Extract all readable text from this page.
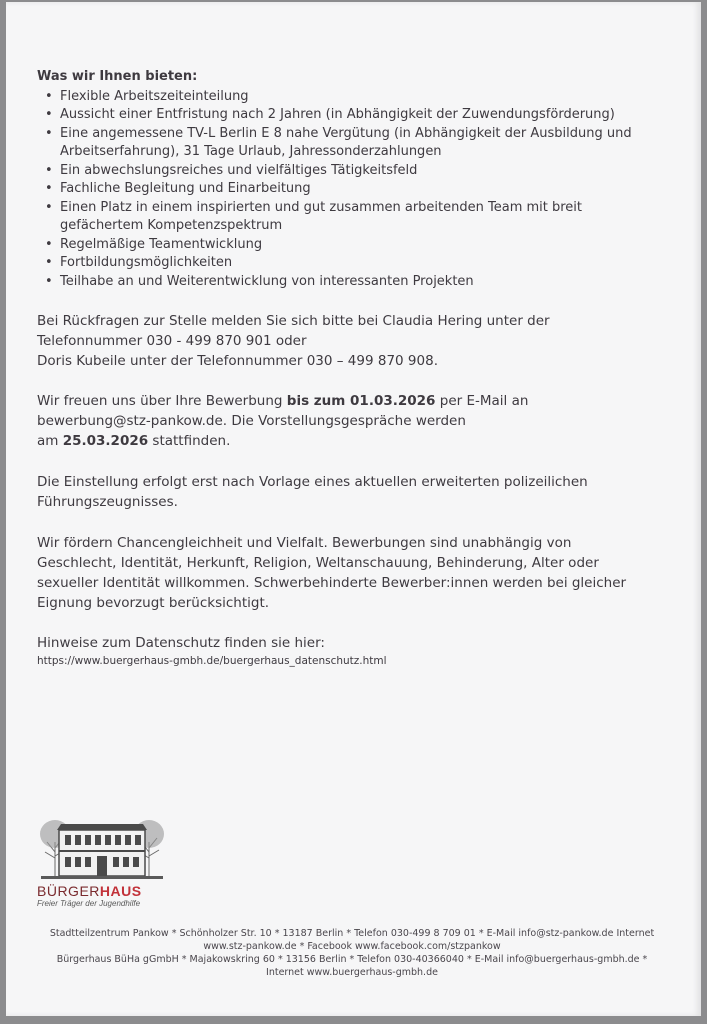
Was wir Ihnen bieten:

• Flexible Arbeitszeiteinteilung
• Aussicht einer Entfristung nach 2 Jahren (in Abhängigkeit der Zuwendungsförderung)
• Eine angemessene TV-L Berlin E 8 nahe Vergütung (in Abhängigkeit der Ausbildung und Arbeitserfahrung), 31 Tage Urlaub, Jahressonderzahlungen
• Ein abwechslungsreiches und vielfältiges Tätigkeitsfeld
• Fachliche Begleitung und Einarbeitung
• Einen Platz in einem inspirierten und gut zusammen arbeitenden Team mit breit gefächertem Kompetenzspektrum
• Regelmäßige Teamentwicklung
• Fortbildungsmöglichkeiten
• Teilhabe an und Weiterentwicklung von interessanten Projekten

Bei Rückfragen zur Stelle melden Sie sich bitte bei Claudia Hering unter der

Telefonnummer 030 - 499 870 901 oder

Doris Kubeile unter der Telefonnummer 030 – 499 870 908.

Wir freuen uns über Ihre Bewerbung bis zum 01.03.2026 per E-Mail an

bewerbung@stz-pankow.de. Die Vorstellungsgespräche werden

am 25.03.2026 stattfinden.

Die Einstellung erfolgt erst nach Vorlage eines aktuellen erweiterten polizeilichen

Führungszeugnisses.

Wir fördern Chancengleichheit und Vielfalt. Bewerbungen sind unabhängig von

Geschlecht, Identität, Herkunft, Religion, Weltanschauung, Behinderung, Alter oder

sexueller Identität willkommen. Schwerbehinderte Bewerber:innen werden bei gleicher

Eignung bevorzugt berücksichtigt.

Hinweise zum Datenschutz finden sie hier:

https://www.buergerhaus-gmbh.de/buergerhaus_datenschutz.html

BÜRGERHAUS
Freier Träger der Jugendhilfe
Stadtteilzentrum Pankow * Schönholzer Str. 10 * 13187 Berlin * Telefon 030-499 8 709 01 * E-Mail info@stz-pankow.de Internet
www.stz-pankow.de * Facebook www.facebook.com/stzpankow
Bürgerhaus BüHa gGmbH * Majakowskring 60 * 13156 Berlin * Telefon 030-40366040 * E-Mail info@buergerhaus-gmbh.de *
Internet www.buergerhaus-gmbh.de
